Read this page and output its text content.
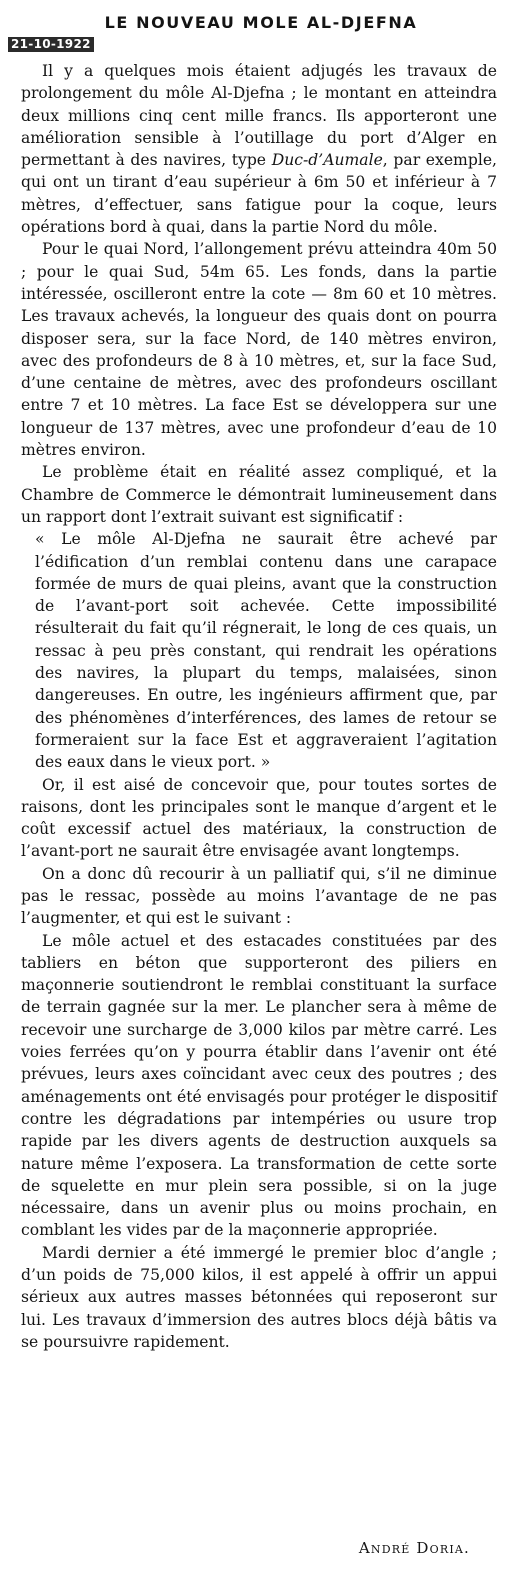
LE NOUVEAU MOLE AL-DJEFNA
21-10-1922

Il y a quelques mois étaient adjugés les travaux de prolongement du môle Al-Djefna ; le montant en atteindra deux millions cinq cent mille francs. Ils apporteront une amélioration sensible à l’outillage du port d’Alger en permettant à des navires, type Duc-d’Aumale, par exemple, qui ont un tirant d’eau supérieur à 6m 50 et inférieur à 7 mètres, d’effectuer, sans fatigue pour la coque, leurs opérations bord à quai, dans la partie Nord du môle.

Pour le quai Nord, l’allongement prévu atteindra 40m 50 ; pour le quai Sud, 54m 65. Les fonds, dans la partie intéressée, oscilleront entre la cote — 8m 60 et 10 mètres. Les travaux achevés, la longueur des quais dont on pourra disposer sera, sur la face Nord, de 140 mètres environ, avec des profondeurs de 8 à 10 mètres, et, sur la face Sud, d’une centaine de mètres, avec des profondeurs oscillant entre 7 et 10 mètres. La face Est se développera sur une longueur de 137 mètres, avec une profondeur d’eau de 10 mètres environ.

Le problème était en réalité assez compliqué, et la Chambre de Commerce le démontrait lumineusement dans un rapport dont l’extrait suivant est significatif :

« Le môle Al-Djefna ne saurait être achevé par l’édification d’un remblai contenu dans une carapace formée de murs de quai pleins, avant que la construction de l’avant-port soit achevée. Cette impossibilité résulterait du fait qu’il régnerait, le long de ces quais, un ressac à peu près constant, qui rendrait les opérations des navires, la plupart du temps, malaisées, sinon dangereuses. En outre, les ingénieurs affirment que, par des phénomènes d’interférences, des lames de retour se formeraient sur la face Est et aggraveraient l’agitation des eaux dans le vieux port. »

Or, il est aisé de concevoir que, pour toutes sortes de raisons, dont les principales sont le manque d’argent et le coût excessif actuel des matériaux, la construction de l’avant-port ne saurait être envisagée avant longtemps.

On a donc dû recourir à un palliatif qui, s’il ne diminue pas le ressac, possède au moins l’avantage de ne pas l’augmenter, et qui est le suivant :

Le môle actuel et des estacades constituées par des tabliers en béton que supporteront des piliers en maçonnerie soutiendront le remblai constituant la surface de terrain gagnée sur la mer. Le plancher sera à même de recevoir une surcharge de 3,000 kilos par mètre carré. Les voies ferrées qu’on y pourra établir dans l’avenir ont été prévues, leurs axes coïncidant avec ceux des poutres ; des aménagements ont été envisagés pour protéger le dispositif contre les dégradations par intempéries ou usure trop rapide par les divers agents de destruction auxquels sa nature même l’exposera. La transformation de cette sorte de squelette en mur plein sera possible, si on la juge nécessaire, dans un avenir plus ou moins prochain, en comblant les vides par de la maçonnerie appropriée.

Mardi dernier a été immergé le premier bloc d’angle ; d’un poids de 75,000 kilos, il est appelé à offrir un appui sérieux aux autres masses bétonnées qui reposeront sur lui. Les travaux d’immersion des autres blocs déjà bâtis va se poursuivre rapidement.

André Doria.
